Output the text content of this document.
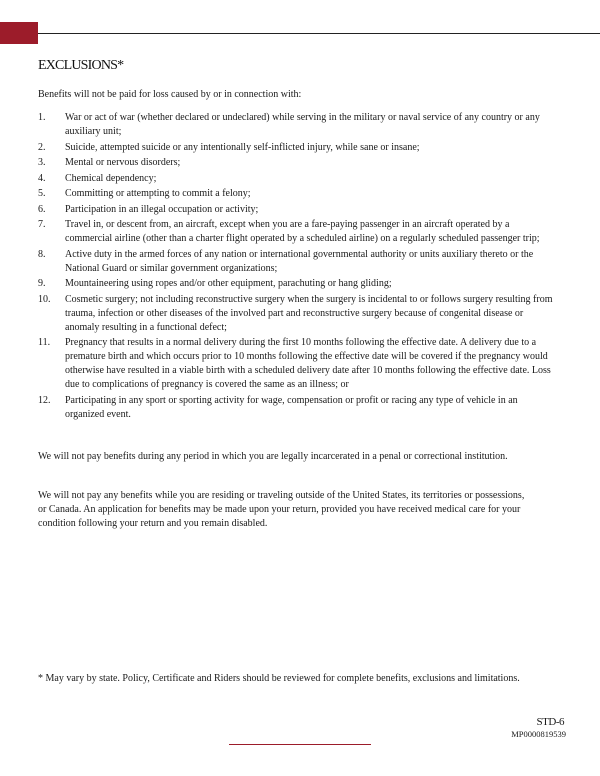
EXCLUSIONS*
Benefits will not be paid for loss caused by or in connection with:
1.	War or act of war (whether declared or undeclared) while serving in the military or naval service of any country or any auxiliary unit;
2.	Suicide, attempted suicide or any intentionally self-inflicted injury, while sane or insane;
3.	Mental or nervous disorders;
4.	Chemical dependency;
5.	Committing or attempting to commit a felony;
6.	Participation in an illegal occupation or activity;
7.	Travel in, or descent from, an aircraft, except when you are a fare-paying passenger in an aircraft operated by a commercial airline (other than a charter flight operated by a scheduled airline) on a regularly scheduled passenger trip;
8.	Active duty in the armed forces of any nation or international governmental authority or units auxiliary thereto or the National Guard or similar government organizations;
9.	Mountaineering using ropes and/or other equipment, parachuting or hang gliding;
10.	Cosmetic surgery; not including reconstructive surgery when the surgery is incidental to or follows surgery resulting from trauma, infection or other diseases of the involved part and reconstructive surgery because of congenital disease or anomaly resulting in a functional defect;
11.	Pregnancy that results in a normal delivery during the first 10 months following the effective date. A delivery due to a premature birth and which occurs prior to 10 months following the effective date will be covered if the pregnancy would otherwise have resulted in a viable birth with a scheduled delivery date after 10 months following the effective date. Loss due to complications of pregnancy is covered the same as an illness; or
12.	Participating in any sport or sporting activity for wage, compensation or profit or racing any type of vehicle in an organized event.
We will not pay benefits during any period in which you are legally incarcerated in a penal or correctional institution.
We will not pay any benefits while you are residing or traveling outside of the United States, its territories or possessions, or Canada. An application for benefits may be made upon your return, provided you have received medical care for your condition following your return and you remain disabled.
* May vary by state. Policy, Certificate and Riders should be reviewed for complete benefits, exclusions and limitations.
STD-6
MP0000819539
